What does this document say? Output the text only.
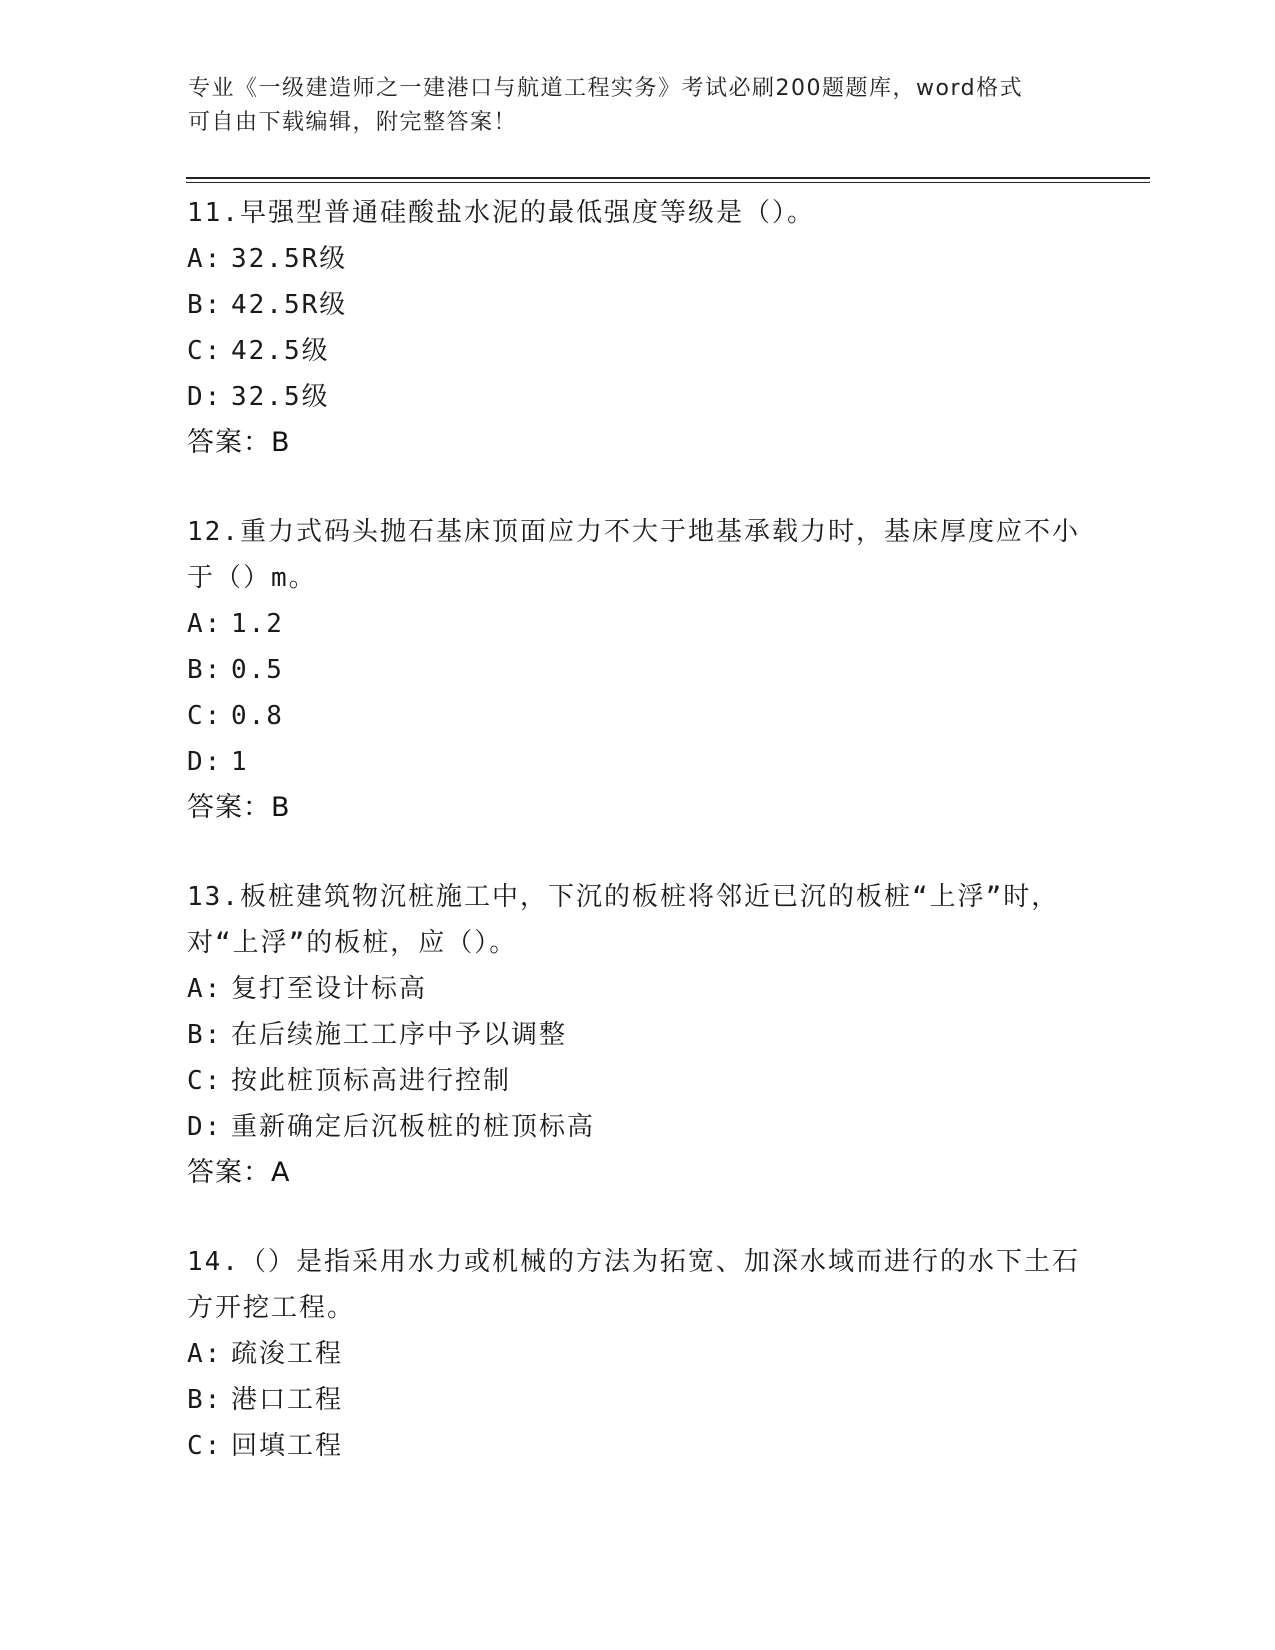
专业《一级建造师之一建港口与航道工程实务》考试必刷200题题库，word格式
可自由下载编辑，附完整答案！
11.早强型普通硅酸盐水泥的最低强度等级是（）。
A: 32.5R级
B: 42.5R级
C: 42.5级
D: 32.5级
答案：B
12.重力式码头抛石基床顶面应力不大于地基承载力时，基床厚度应不小于（）m。
A: 1.2
B: 0.5
C: 0.8
D: 1
答案：B
13.板桩建筑物沉桩施工中，下沉的板桩将邻近已沉的板桩“上浮”时，对“上浮”的板桩，应（）。
A: 复打至设计标高
B: 在后续施工工序中予以调整
C: 按此桩顶标高进行控制
D: 重新确定后沉板桩的桩顶标高
答案：A
14.（）是指采用水力或机械的方法为拓宽、加深水域而进行的水下土石方开挖工程。
A: 疏浚工程
B: 港口工程
C: 回填工程
